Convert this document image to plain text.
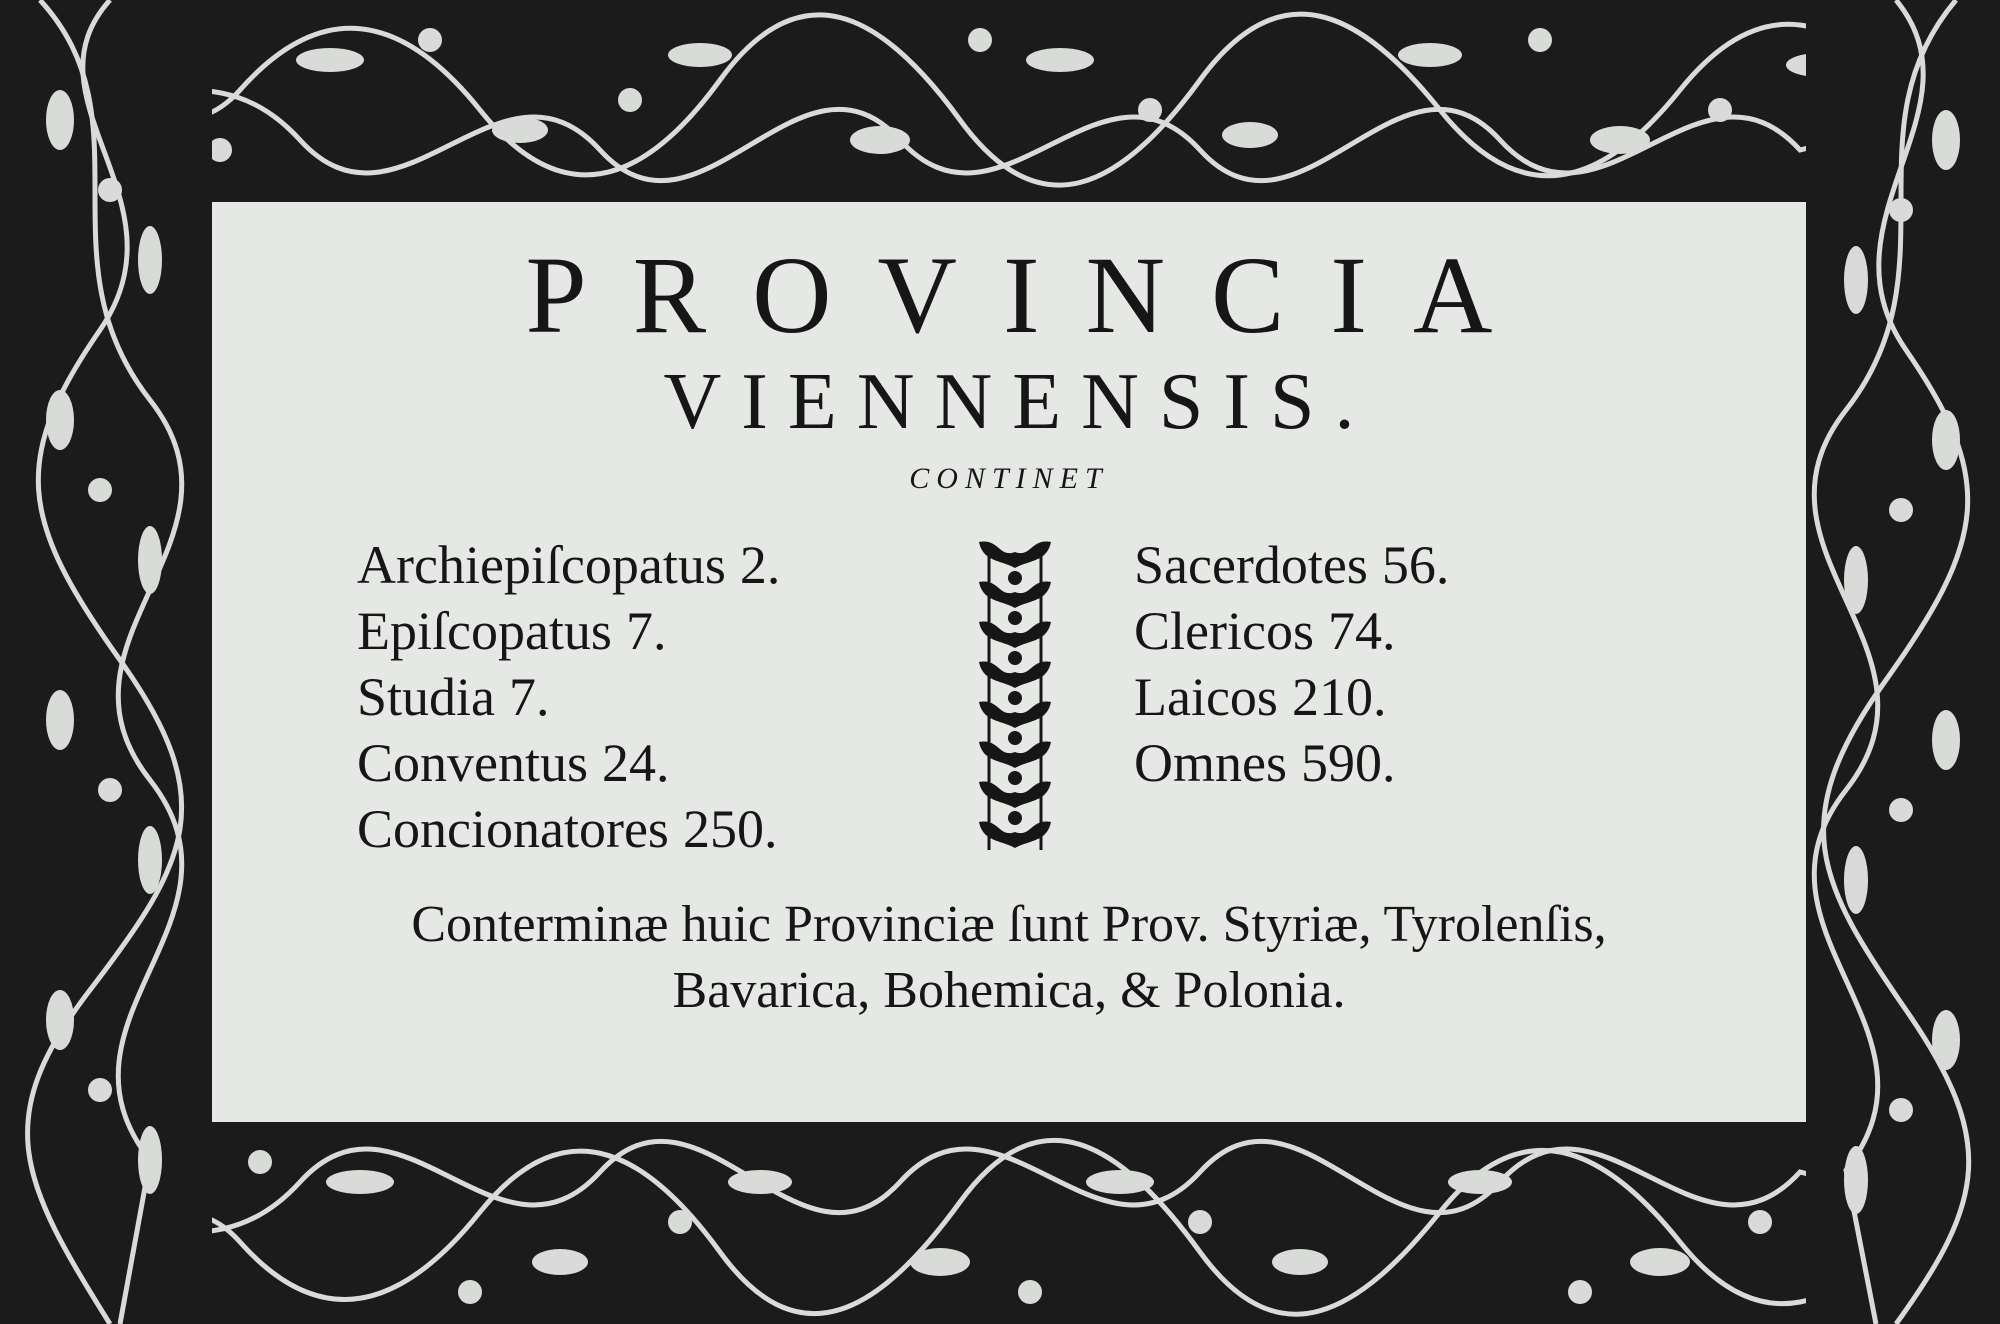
PROVINCIA
VIENNENSIS.
CONTINET
Archiepiſcopatus 2.
Epiſcopatus 7.
Studia 7.
Conventus 24.
Concionatores 250.
Sacerdotes 56.
Clericos 74.
Laicos 210.
Omnes 590.
Conterminæ huic Provinciæ ſunt Prov. Styriæ, Tyrolenſis,
Bavarica, Bohemica, & Polonia.
